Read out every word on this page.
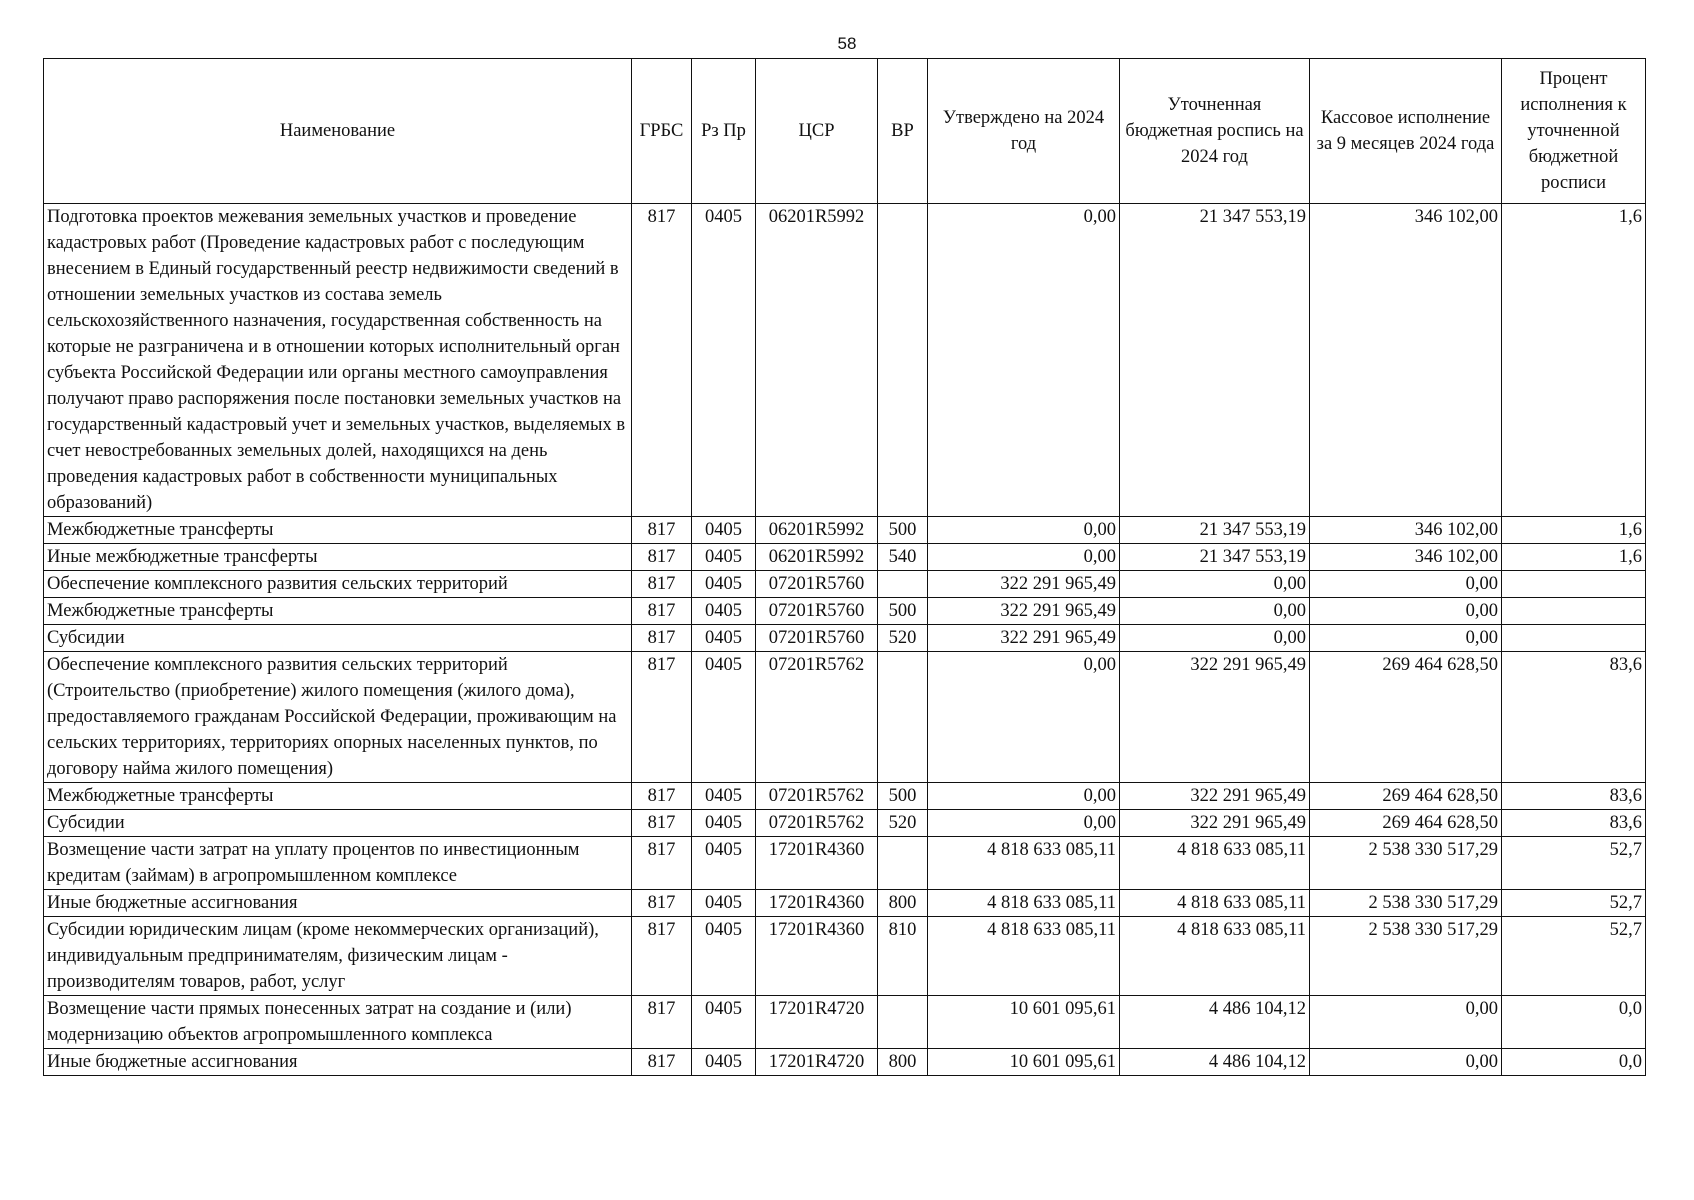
58
Наименование	ГРБС	Рз Пр	ЦСР	ВР	Утверждено на 2024 год	Уточненная бюджетная роспись на 2024 год	Кассовое исполнение за 9 месяцев 2024 года	Процент исполнения к уточненной бюджетной росписи
Подготовка проектов межевания земельных участков и проведение кадастровых работ (Проведение кадастровых работ с последующим внесением в Единый государственный реестр недвижимости сведений в отношении земельных участков из состава земель сельскохозяйственного назначения, государственная собственность на которые не разграничена и в отношении которых исполнительный орган субъекта Российской Федерации или органы местного самоуправления получают право распоряжения после постановки земельных участков на государственный кадастровый учет и земельных участков, выделяемых в счет невостребованных земельных долей, находящихся на день проведения кадастровых работ в собственности муниципальных образований)	817	0405	06201R5992		0,00	21 347 553,19	346 102,00	1,6
Межбюджетные трансферты	817	0405	06201R5992	500	0,00	21 347 553,19	346 102,00	1,6
Иные межбюджетные трансферты	817	0405	06201R5992	540	0,00	21 347 553,19	346 102,00	1,6
Обеспечение комплексного развития сельских территорий	817	0405	07201R5760		322 291 965,49	0,00	0,00	
Межбюджетные трансферты	817	0405	07201R5760	500	322 291 965,49	0,00	0,00	
Субсидии	817	0405	07201R5760	520	322 291 965,49	0,00	0,00	
Обеспечение комплексного развития сельских территорий (Строительство (приобретение) жилого помещения (жилого дома), предоставляемого гражданам Российской Федерации, проживающим на сельских территориях, территориях опорных населенных пунктов, по договору найма жилого помещения)	817	0405	07201R5762		0,00	322 291 965,49	269 464 628,50	83,6
Межбюджетные трансферты	817	0405	07201R5762	500	0,00	322 291 965,49	269 464 628,50	83,6
Субсидии	817	0405	07201R5762	520	0,00	322 291 965,49	269 464 628,50	83,6
Возмещение части затрат на уплату процентов по инвестиционным кредитам (займам) в агропромышленном комплексе	817	0405	17201R4360		4 818 633 085,11	4 818 633 085,11	2 538 330 517,29	52,7
Иные бюджетные ассигнования	817	0405	17201R4360	800	4 818 633 085,11	4 818 633 085,11	2 538 330 517,29	52,7
Субсидии юридическим лицам (кроме некоммерческих организаций), индивидуальным предпринимателям, физическим лицам - производителям товаров, работ, услуг	817	0405	17201R4360	810	4 818 633 085,11	4 818 633 085,11	2 538 330 517,29	52,7
Возмещение части прямых понесенных затрат на создание и (или) модернизацию объектов агропромышленного комплекса	817	0405	17201R4720		10 601 095,61	4 486 104,12	0,00	0,0
Иные бюджетные ассигнования	817	0405	17201R4720	800	10 601 095,61	4 486 104,12	0,00	0,0
